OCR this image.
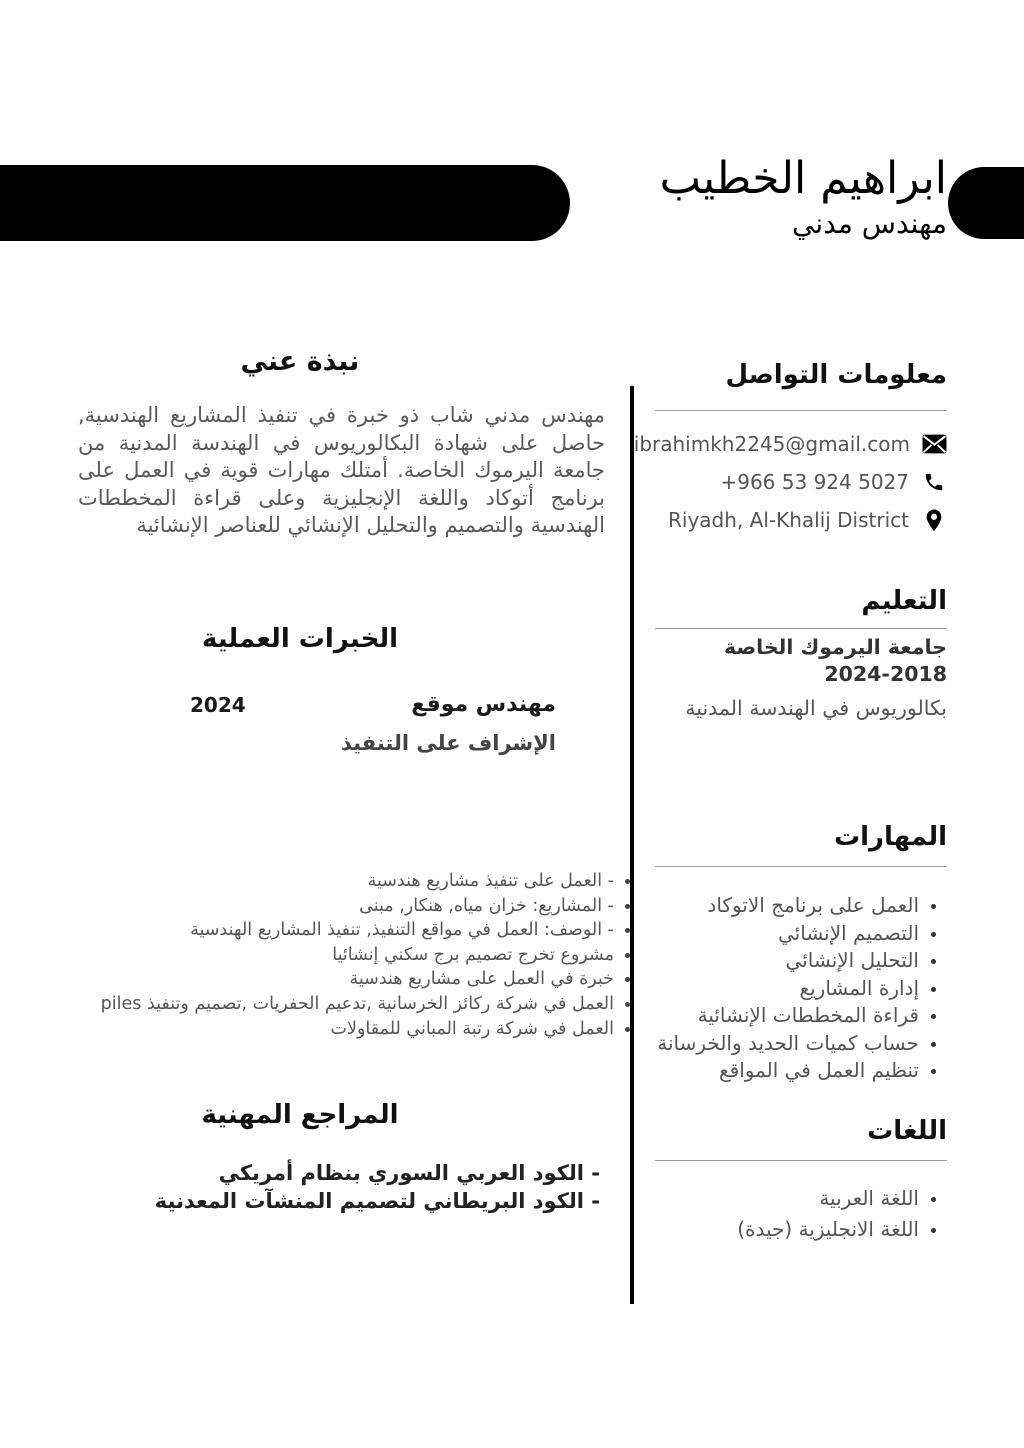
ابراهيم الخطيب
مهندس مدني
معلومات التواصل
ibrahimkh2245@gmail.com
+966 53 924 5027
Riyadh, Al-Khalij District
التعليم
جامعة اليرموك الخاصة 2018-2024
بكالوريوس في الهندسة المدنية
المهارات
• العمل على برنامج الاتوكاد
• التصميم الإنشائي
• التحليل الإنشائي
• إدارة المشاريع
• قراءة المخططات الإنشائية
• حساب كميات الحديد والخرسانة
• تنظيم العمل في المواقع
اللغات
• اللغة العربية
• اللغة الانجليزية (جيدة)
نبذة عني
مهندس مدني شاب ذو خبرة في تنفيذ المشاريع الهندسية, حاصل على شهادة البكالوريوس في الهندسة المدنية من جامعة اليرموك الخاصة. أمتلك مهارات قوية في العمل على برنامج أتوكاد واللغة الإنجليزية وعلى قراءة المخططات الهندسية والتصميم والتحليل الإنشائي للعناصر الإنشائية
الخبرات العملية
مهندس موقع
2024
الإشراف على التنفيذ
• - العمل على تنفيذ مشاريع هندسية
• - المشاريع: خزان مياه, هنكار, مبنى
• - الوصف: العمل في مواقع التنفيذ, تنفيذ المشاريع الهندسية
• مشروع تخرج تصميم برج سكني إنشائيا
• خبرة في العمل على مشاريع هندسية
• العمل في شركة ركائز الخرسانية ,تدعيم الحفريات ,تصميم وتنفيذ piles
• العمل في شركة رتبة المباني للمقاولات
المراجع المهنية
- الكود العربي السوري بنظام أمريكي
- الكود البريطاني لتصميم المنشآت المعدنية
